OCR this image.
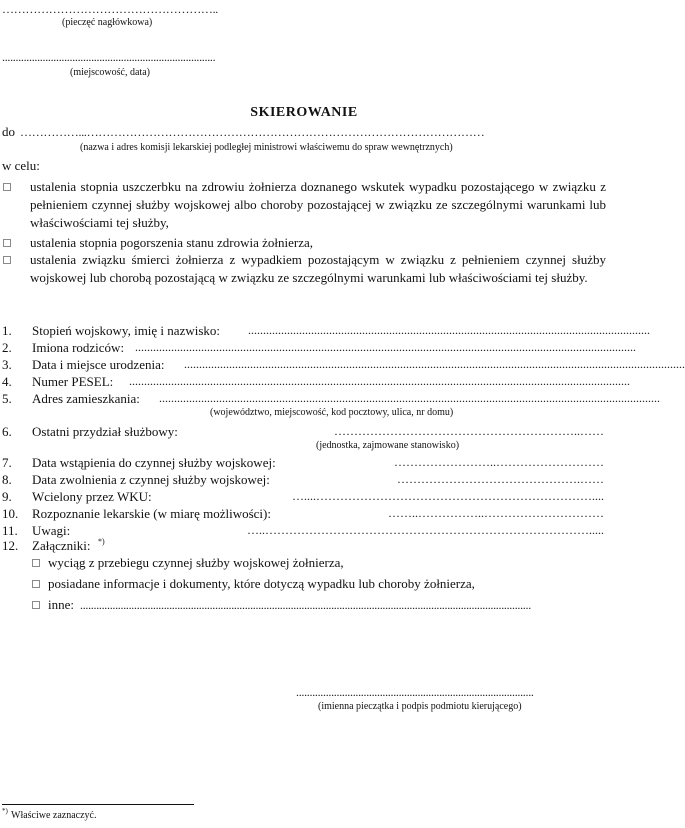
………………………………………………..
(pieczęć nagłówkowa)
...............................................................................
(miejscowość, data)
SKIEROWANIE
do ……………...…………………………………………………………………………………………
(nazwa i adres komisji lekarskiej podległej ministrowi właściwemu do spraw wewnętrznych)
w celu:
ustalenia stopnia uszczerbku na zdrowiu żołnierza doznanego wskutek wypadku pozostającego w związku z pełnieniem czynnej służby wojskowej albo choroby pozostającej w związku ze szczególnymi warunkami lub właściwościami tej służby,
ustalenia stopnia pogorszenia stanu zdrowia żołnierza,
ustalenia związku śmierci żołnierza z wypadkiem pozostającym w związku z pełnieniem czynnej służby wojskowej lub chorobą pozostającą w związku ze szczególnymi warunkami lub właściwościami tej służby.
1. Stopień wojskowy, imię i nazwisko: ......................................................................................................................................
2. Imiona rodziców: .......................................................................................................................................................................
3. Data i miejsce urodzenia: .......................................................................................................................................................................
4. Numer PESEL: .......................................................................................................................................................................
5. Adres zamieszkania: .......................................................................................................................................................................
(województwo, miejscowość, kod pocztowy, ulica, nr domu)
6. Ostatni przydział służbowy:	……………………………………………………..……
(jednostka, zajmowane stanowisko)
7. Data wstąpienia do czynnej służby wojskowej:	……………………..………………………
8. Data zwolnienia z czynnej służby wojskowej:	……………………………………….……
9. Wcielony przez WKU:	…....……………………………………………………………....
10. Rozpoznanie lekarskie (w miarę możliwości):	……..……………..…………………………
11. Uwagi:	…..……………………………………………………………………….....
12. Załączniki: *)
wyciąg z przebiegu czynnej służby wojskowej żołnierza,
posiadane informacje i dokumenty, które dotyczą wypadku lub choroby żołnierza,
inne: .......................................................................................................................................................................
........................................................................................
(imienna pieczątka i podpis podmiotu kierującego)
*) Właściwe zaznaczyć.
